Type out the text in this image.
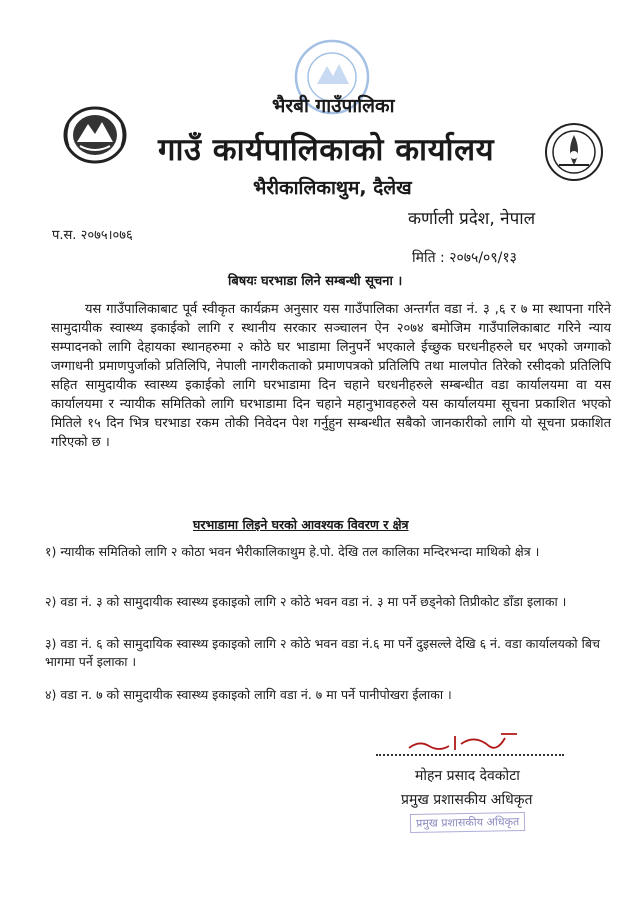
भैरबी गाउँपालिका
गाउँ कार्यपालिकाको कार्यालय
भैरीकालिकाथुम, दैलेख
कर्णाली प्रदेश, नेपाल
प.स. २०७५।०७६
मिति : २०७५/०९/१३
बिषयः घरभाडा लिने सम्बन्धी सूचना ।
यस गाउँपालिकाबाट पूर्व स्वीकृत कार्यक्रम अनुसार यस गाउँपालिका अन्तर्गत वडा नं. ३ ,६ र ७ मा स्थापना गरिने सामुदायीक स्वास्थ्य इकाईको लागि र स्थानीय सरकार सञ्चालन ऐन २०७४ बमोजिम गाउँपालिकाबाट गरिने न्याय सम्पादनको लागि देहायका स्थानहरुमा २ कोठे घर भाडामा लिनुपर्ने भएकाले ईच्छुक घरधनीहरुले घर भएको जग्गाको जग्गाधनी प्रमाणपुर्जाको प्रतिलिपि, नेपाली नागरीकताको प्रमाणपत्रको प्रतिलिपि तथा मालपोत तिरेको रसीदको प्रतिलिपि सहित सामुदायीक स्वास्थ्य इकाईको लागि घरभाडामा दिन चहाने घरधनीहरुले सम्बन्धीत वडा कार्यालयमा वा यस कार्यालयमा र न्यायीक समितिको लागि घरभाडामा दिन चहाने महानुभावहरुले यस कार्यालयमा सूचना प्रकाशित भएको मितिले १५ दिन भित्र घरभाडा रकम तोकी निवेदन पेश गर्नुहुन सम्बन्धीत सबैको जानकारीको लागि यो सूचना प्रकाशित गरिएको छ ।
घरभाडामा लिइने घरको आवश्यक विवरण र क्षेत्र
१) न्यायीक समितिको लागि २ कोठा भवन भैरीकालिकाथुम हे.पो. देखि तल कालिका मन्दिरभन्दा माथिको क्षेत्र ।
२) वडा नं. ३ को सामुदायीक स्वास्थ्य इकाइको लागि २ कोठे भवन वडा नं. ३ मा पर्ने छड्नेको तिप्रीकोट डाँडा इलाका ।
३) वडा नं. ६ को सामुदायिक स्वास्थ्य इकाइको लागि २ कोठे भवन वडा नं.६ मा पर्ने दुइसल्ले देखि ६ नं. वडा कार्यालयको बिच भागमा पर्ने इलाका ।
४) वडा न. ७ को सामुदायीक स्वास्थ्य इकाइको लागि वडा नं. ७ मा पर्ने पानीपोखरा ईलाका ।
मोहन प्रसाद देवकोटा
प्रमुख प्रशासकीय अधिकृत
प्रमुख प्रशासकीय अधिकृत
